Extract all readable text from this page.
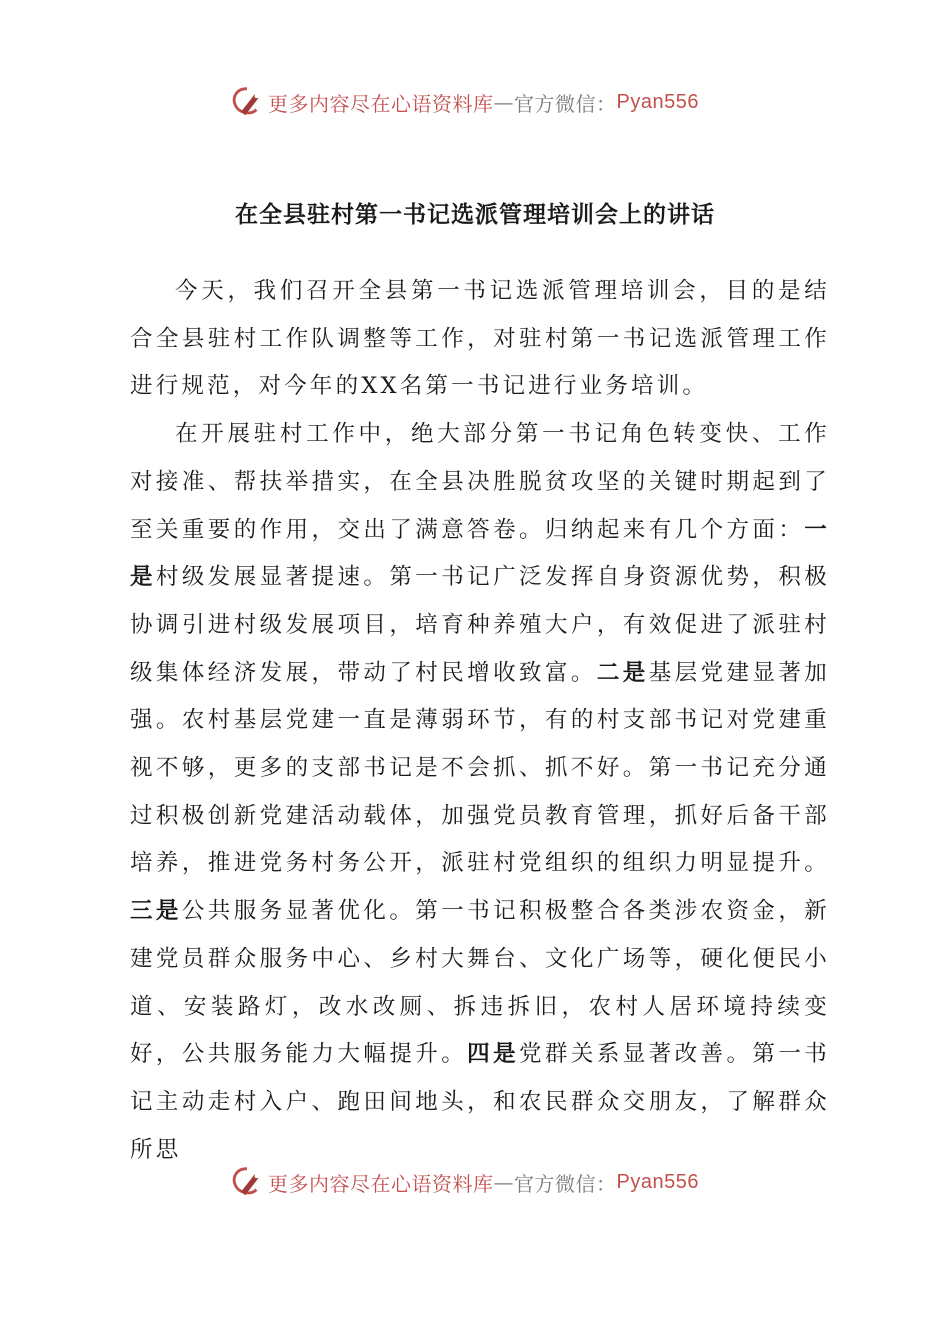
更多内容尽在心语资料库 — 官方微信： Pyan556
在全县驻村第一书记选派管理培训会上的讲话

今天，我们召开全县第一书记选派管理培训会，目的是结合全县驻村工作队调整等工作，对驻村第一书记选派管理工作进行规范，对今年的XX名第一书记进行业务培训。

在开展驻村工作中，绝大部分第一书记角色转变快、工作对接准、帮扶举措实，在全县决胜脱贫攻坚的关键时期起到了至关重要的作用，交出了满意答卷。归纳起来有几个方面：一是村级发展显著提速。第一书记广泛发挥自身资源优势，积极协调引进村级发展项目，培育种养殖大户，有效促进了派驻村级集体经济发展，带动了村民增收致富。二是基层党建显著加强。农村基层党建一直是薄弱环节，有的村支部书记对党建重视不够，更多的支部书记是不会抓、抓不好。第一书记充分通过积极创新党建活动载体，加强党员教育管理，抓好后备干部培养，推进党务村务公开，派驻村党组织的组织力明显提升。三是公共服务显著优化。第一书记积极整合各类涉农资金，新建党员群众服务中心、乡村大舞台、文化广场等，硬化便民小道、安装路灯，改水改厕、拆违拆旧，农村人居环境持续变好，公共服务能力大幅提升。四是党群关系显著改善。第一书记主动走村入户、跑田间地头，和农民群众交朋友，了解群众所思

更多内容尽在心语资料库 — 官方微信： Pyan556
